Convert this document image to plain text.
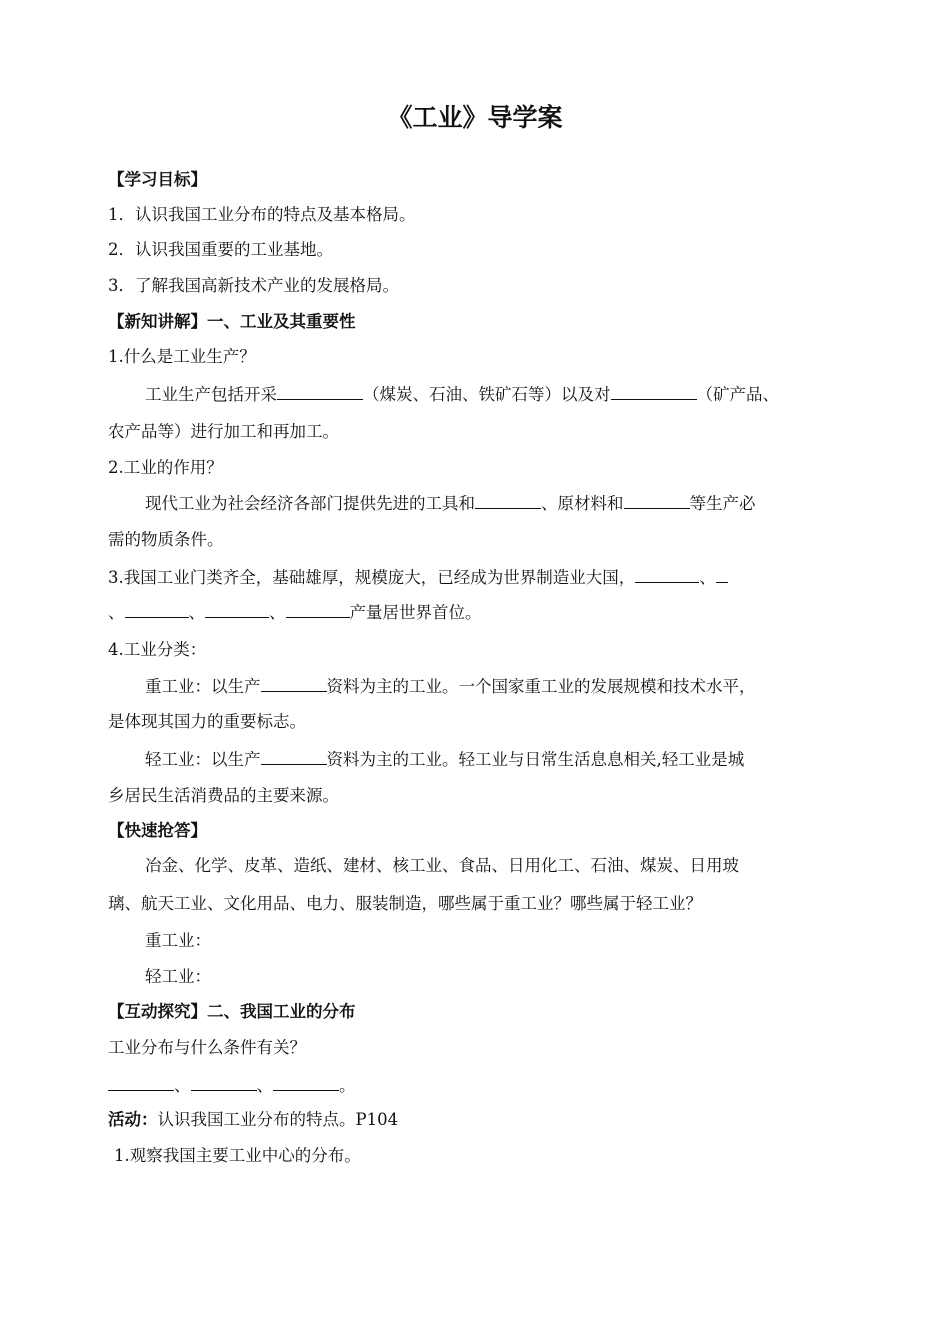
《工业》导学案
【学习目标】
1．认识我国工业分布的特点及基本格局。
2．认识我国重要的工业基地。
3．了解我国高新技术产业的发展格局。
【新知讲解】一、工业及其重要性
1.什么是工业生产？
工业生产包括开采	（煤炭、石油、铁矿石等）以及对	（矿产品、
农产品等）进行加工和再加工。
2.工业的作用？
现代工业为社会经济各部门提供先进的工具和	、原材料和	等生产必
需的物质条件。
3.我国工业门类齐全，基础雄厚，规模庞大，已经成为世界制造业大国，	、
、	、	、	产量居世界首位。
4.工业分类：
重工业：以生产	资料为主的工业。一个国家重工业的发展规模和技术水平，
是体现其国力的重要标志。
轻工业：以生产	资料为主的工业。轻工业与日常生活息息相关,轻工业是城
乡居民生活消费品的主要来源。
【快速抢答】
冶金、化学、皮革、造纸、建材、核工业、食品、日用化工、石油、煤炭、日用玻
璃、航天工业、文化用品、电力、服装制造，哪些属于重工业？哪些属于轻工业？
重工业：
轻工业：
【互动探究】二、我国工业的分布
工业分布与什么条件有关？
、	、	。
活动：认识我国工业分布的特点。P104
1.观察我国主要工业中心的分布。
